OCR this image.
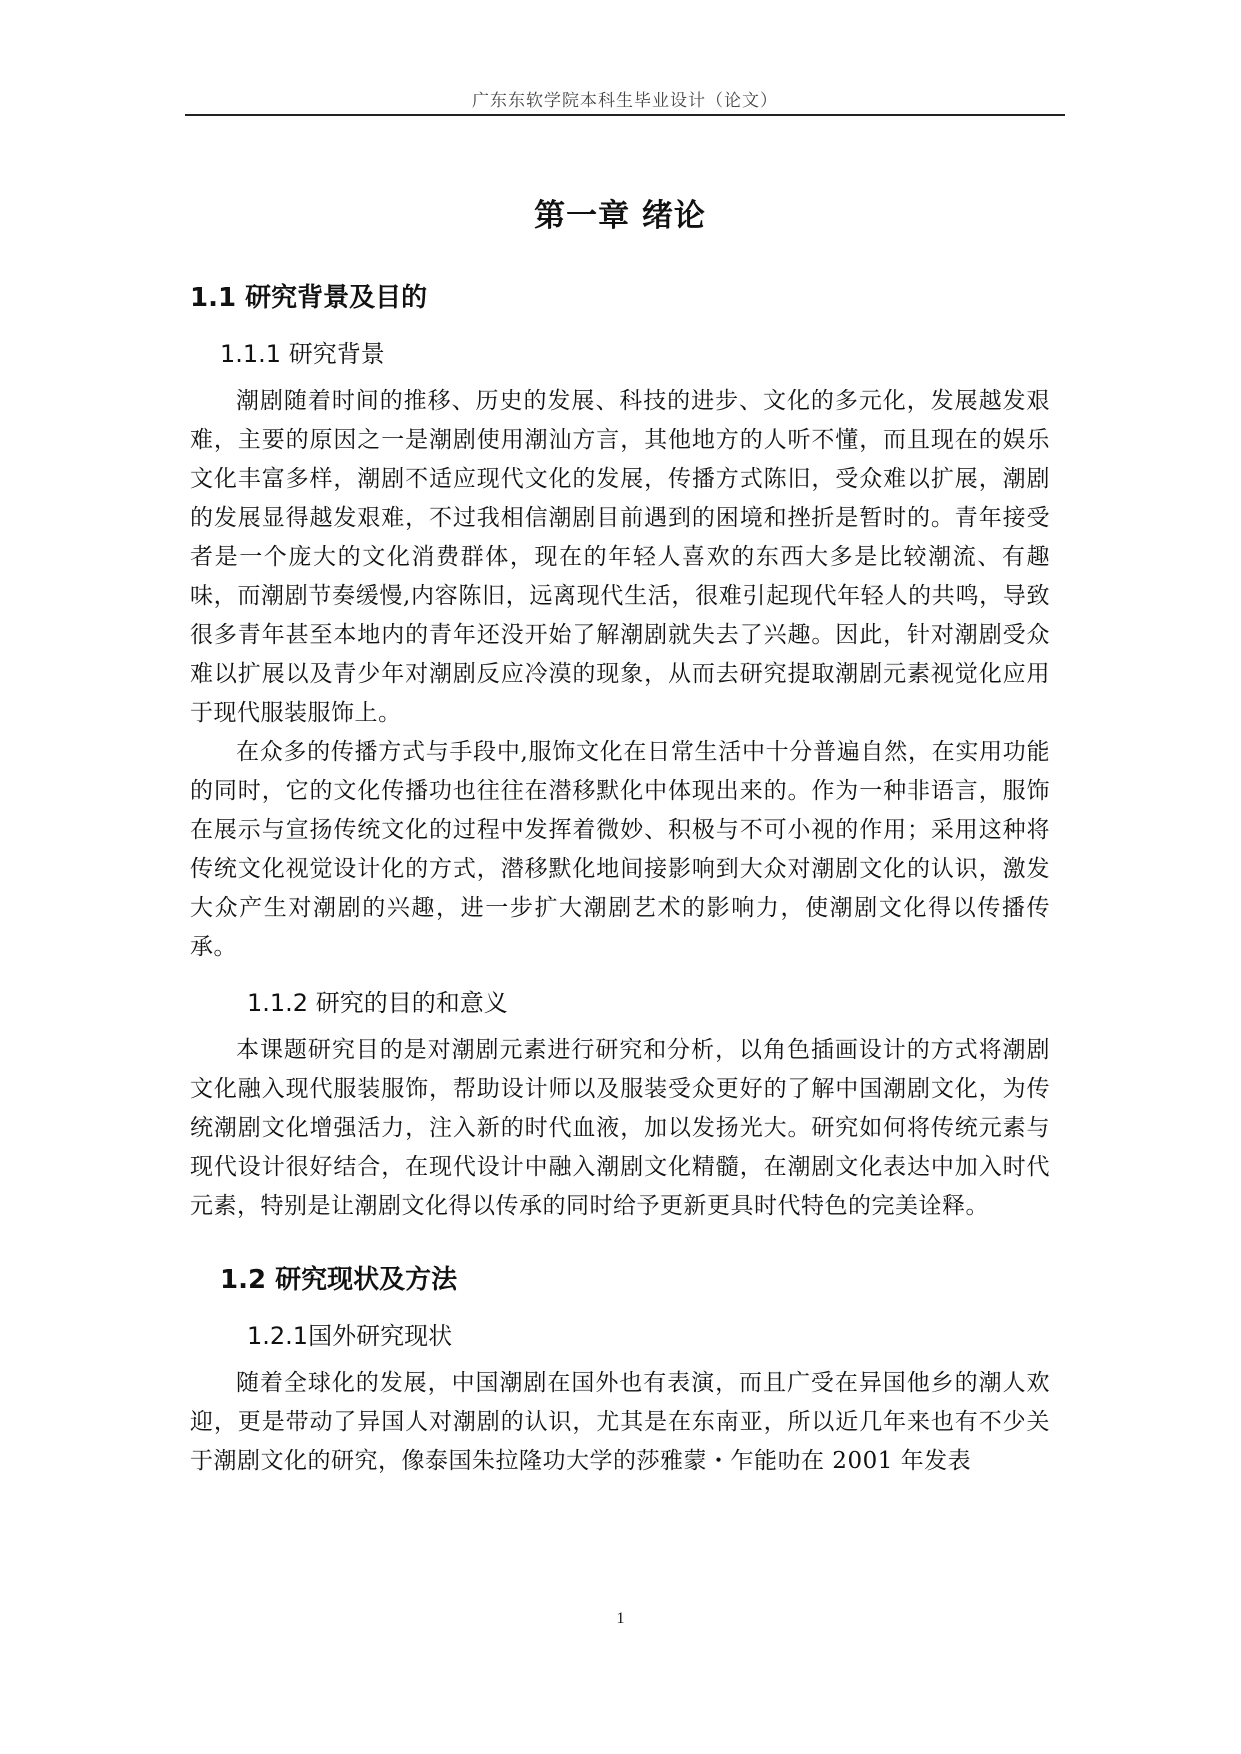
广东东软学院本科生毕业设计（论文）
第一章 绪论
1.1 研究背景及目的
1.1.1 研究背景

潮剧随着时间的推移、历史的发展、科技的进步、文化的多元化，发展越发艰难，主要的原因之一是潮剧使用潮汕方言，其他地方的人听不懂，而且现在的娱乐文化丰富多样，潮剧不适应现代文化的发展，传播方式陈旧，受众难以扩展，潮剧的发展显得越发艰难，不过我相信潮剧目前遇到的困境和挫折是暂时的。青年接受者是一个庞大的文化消费群体，现在的年轻人喜欢的东西大多是比较潮流、有趣味，而潮剧节奏缓慢,内容陈旧，远离现代生活，很难引起现代年轻人的共鸣，导致很多青年甚至本地内的青年还没开始了解潮剧就失去了兴趣。因此，针对潮剧受众难以扩展以及青少年对潮剧反应冷漠的现象，从而去研究提取潮剧元素视觉化应用于现代服装服饰上。

在众多的传播方式与手段中,服饰文化在日常生活中十分普遍自然，在实用功能的同时，它的文化传播功也往往在潜移默化中体现出来的。作为一种非语言，服饰在展示与宣扬传统文化的过程中发挥着微妙、积极与不可小视的作用；采用这种将传统文化视觉设计化的方式，潜移默化地间接影响到大众对潮剧文化的认识，激发大众产生对潮剧的兴趣，进一步扩大潮剧艺术的影响力，使潮剧文化得以传播传承。

1.1.2 研究的目的和意义

本课题研究目的是对潮剧元素进行研究和分析，以角色插画设计的方式将潮剧文化融入现代服装服饰，帮助设计师以及服装受众更好的了解中国潮剧文化，为传统潮剧文化增强活力，注入新的时代血液，加以发扬光大。研究如何将传统元素与现代设计很好结合，在现代设计中融入潮剧文化精髓，在潮剧文化表达中加入时代元素，特别是让潮剧文化得以传承的同时给予更新更具时代特色的完美诠释。

1.2 研究现状及方法
1.2.1国外研究现状

随着全球化的发展，中国潮剧在国外也有表演，而且广受在异国他乡的潮人欢迎，更是带动了异国人对潮剧的认识，尤其是在东南亚，所以近几年来也有不少关于潮剧文化的研究，像泰国朱拉隆功大学的莎雅蒙・乍能叻在 2001 年发表

1
